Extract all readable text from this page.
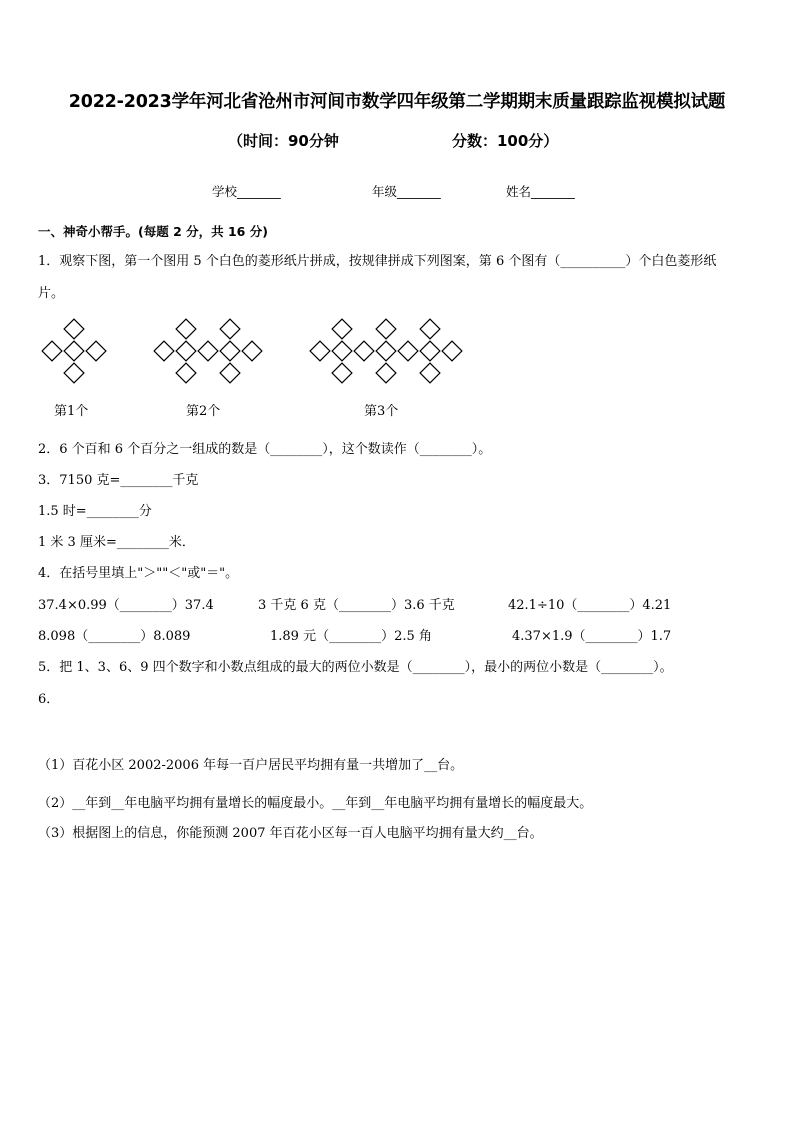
2022-2023学年河北省沧州市河间市数学四年级第二学期期末质量跟踪监视模拟试题
（时间：90分钟	分数：100分）
学校_______	年级_______	姓名_______
一、神奇小帮手。(每题 2 分，共 16 分)
1．观察下图，第一个图用 5 个白色的菱形纸片拼成，按规律拼成下列图案，第 6 个图有（__________）个白色菱形纸
片。
第1个	第2个	第3个
2．6 个百和 6 个百分之一组成的数是（________），这个数读作（________）。
3．7150 克=________千克
1.5 时=________分
1 米 3 厘米=________米．
4．在括号里填上"＞""＜"或"＝"。
37.4×0.99（________）37.4	3 千克 6 克（________）3.6 千克	42.1÷10（________）4.21
8.098（________）8.089	1.89 元（________）2.5 角	4.37×1.9（________）1.7
5．把 1、3、6、9 四个数字和小数点组成的最大的两位小数是（________），最小的两位小数是（________）。
6．
（1）百花小区 2002-2006 年每一百户居民平均拥有量一共增加了__台。
（2）__年到__年电脑平均拥有量增长的幅度最小。__年到__年电脑平均拥有量增长的幅度最大。
（3）根据图上的信息，你能预测 2007 年百花小区每一百人电脑平均拥有量大约__台。
